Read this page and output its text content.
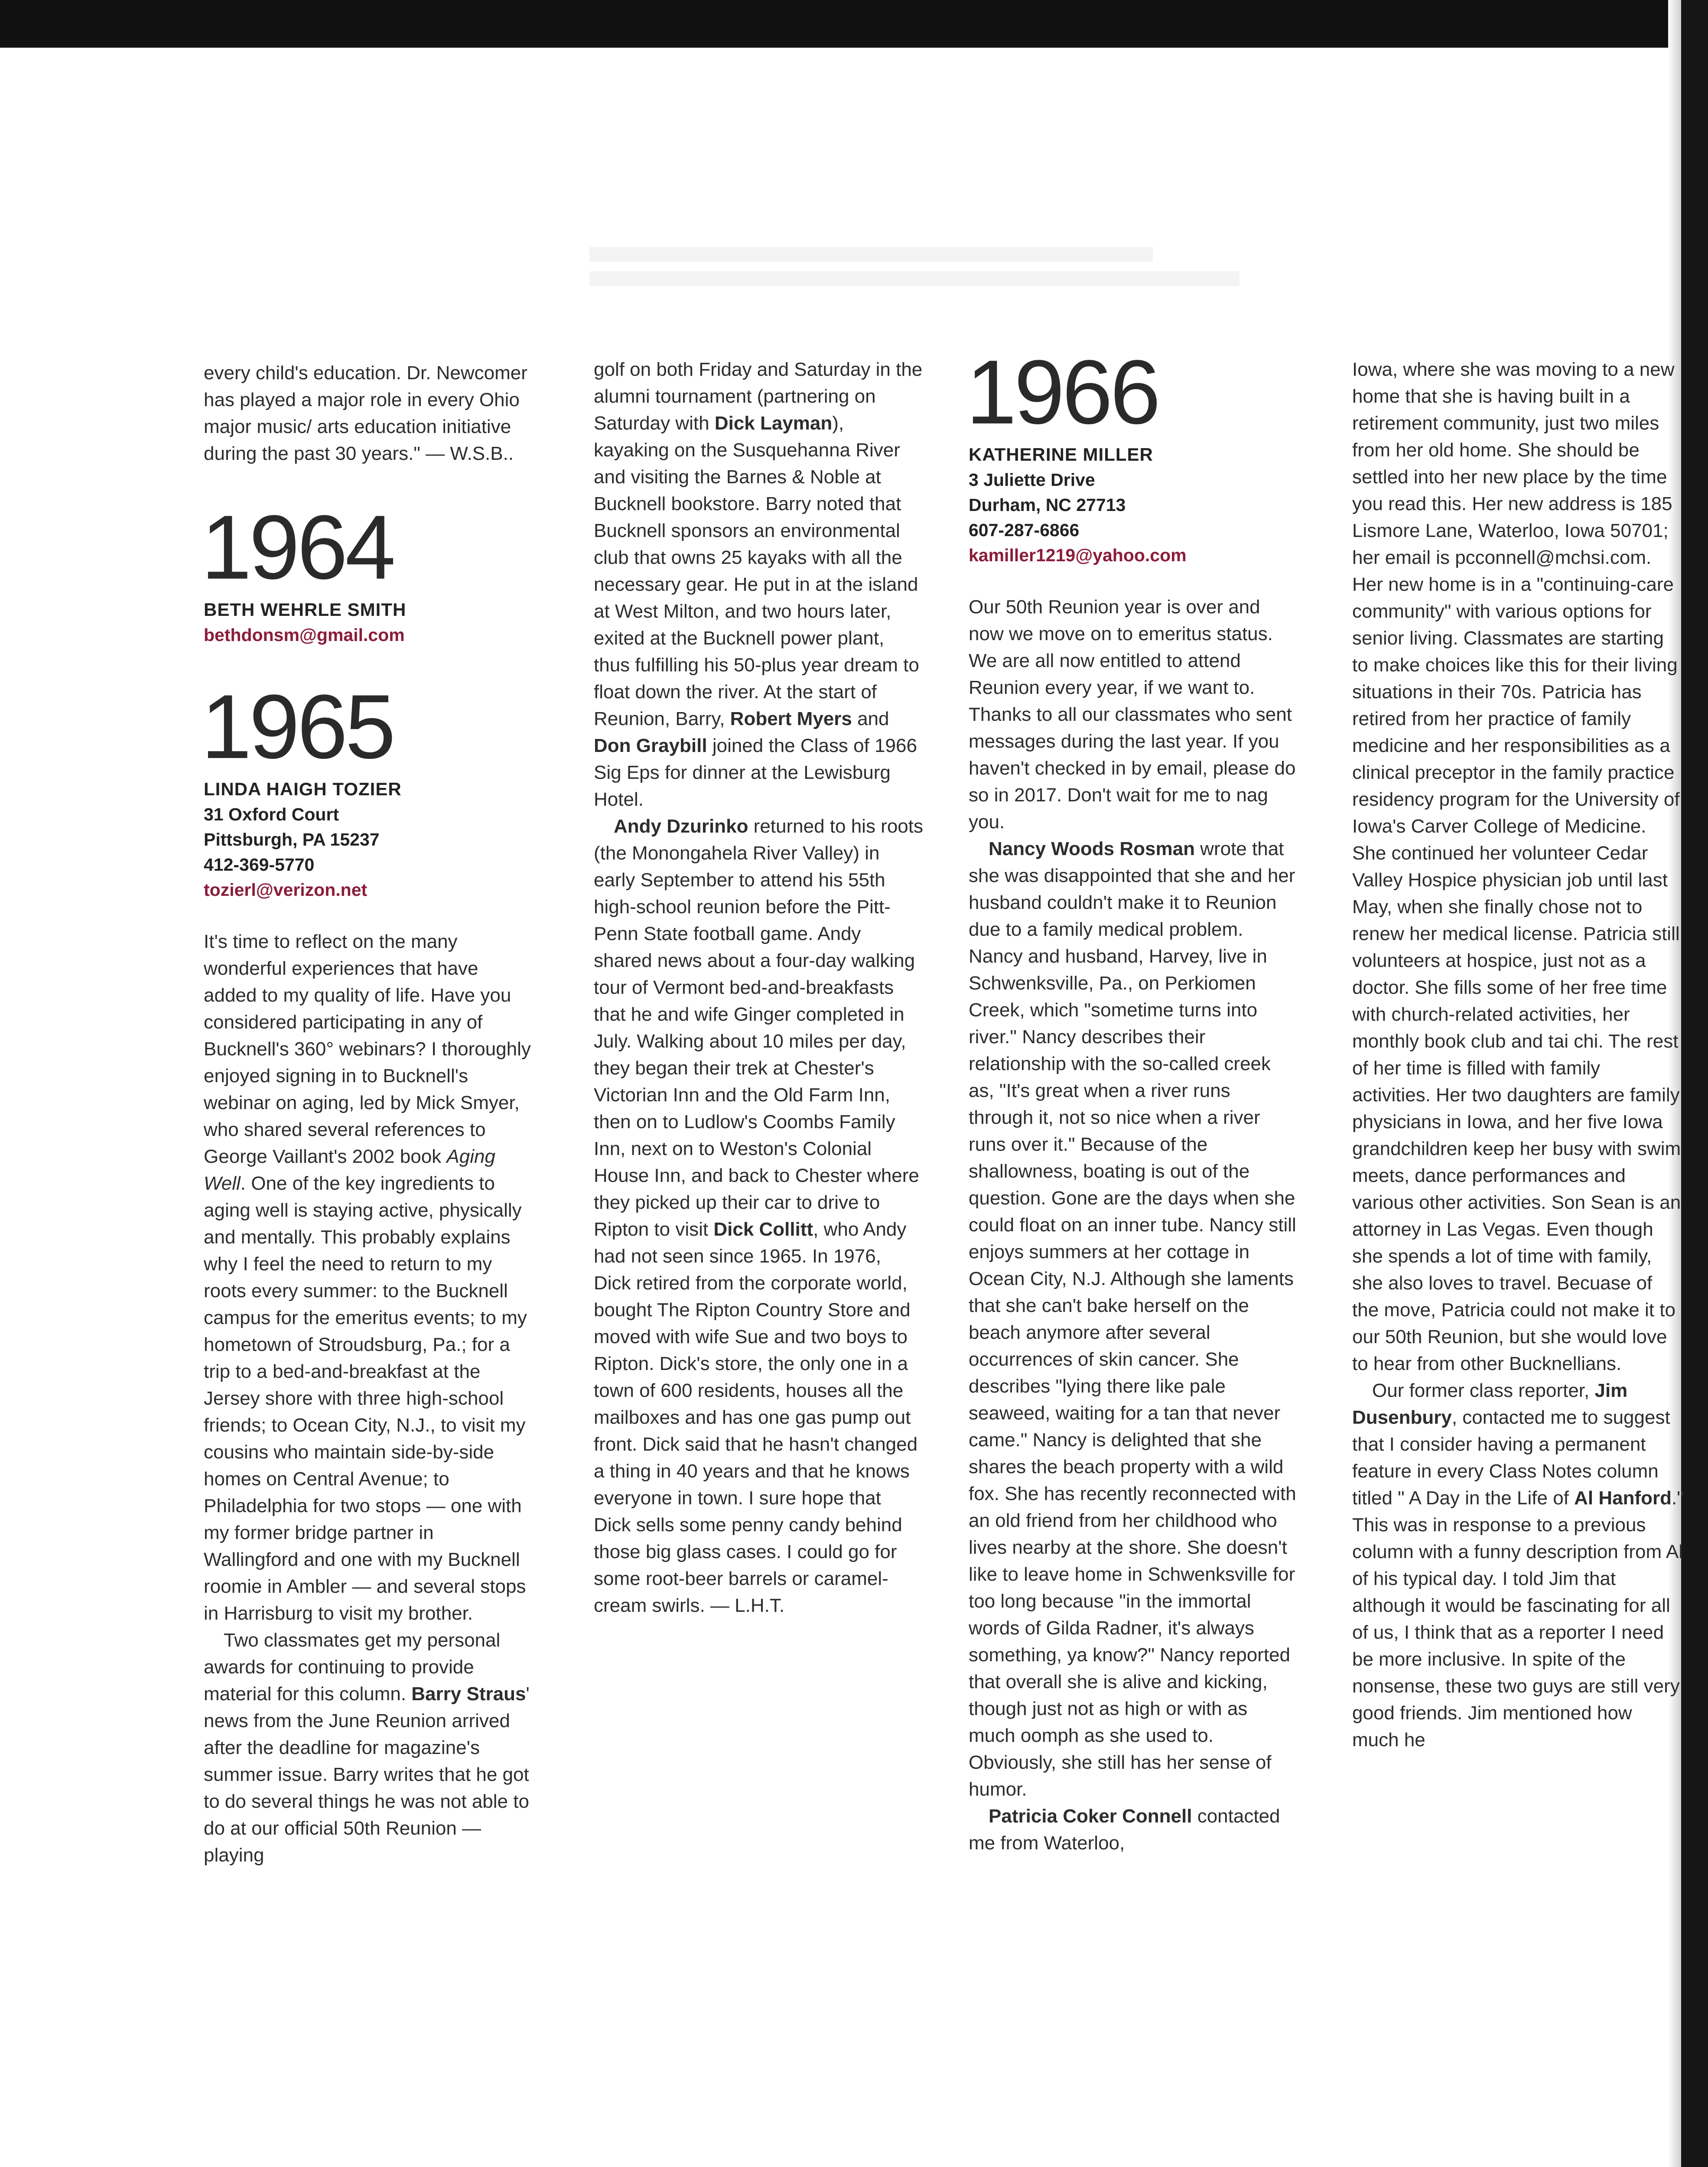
every child's education. Dr. Newcomer has played a major role in every Ohio major music/ arts education initiative during the past 30 years." — W.S.B..

1964
BETH WEHRLE SMITH
bethdonsm@gmail.com
1965
LINDA HAIGH TOZIER
31 Oxford Court
Pittsburgh, PA 15237
412-369-5770
tozierl@verizon.net

It's time to reflect on the many wonderful experiences that have added to my quality of life. Have you considered participating in any of Bucknell's 360° webinars? I thoroughly enjoyed signing in to Bucknell's webinar on aging, led by Mick Smyer, who shared several references to George Vaillant's 2002 book Aging Well. One of the key ingredients to aging well is staying active, physically and mentally. This probably explains why I feel the need to return to my roots every summer: to the Bucknell campus for the emeritus events; to my hometown of Stroudsburg, Pa.; for a trip to a bed-and-breakfast at the Jersey shore with three high-school friends; to Ocean City, N.J., to visit my cousins who maintain side-by-side homes on Central Avenue; to Philadelphia for two stops — one with my former bridge partner in Wallingford and one with my Bucknell roomie in Ambler — and several stops in Harrisburg to visit my brother.

Two classmates get my personal awards for continuing to provide material for this column. Barry Straus' news from the June Reunion arrived after the deadline for magazine's summer issue. Barry writes that he got to do several things he was not able to do at our official 50th Reunion — playing

golf on both Friday and Saturday in the alumni tournament (partnering on Saturday with Dick Layman), kayaking on the Susquehanna River and visiting the Barnes & Noble at Bucknell bookstore. Barry noted that Bucknell sponsors an environmental club that owns 25 kayaks with all the necessary gear. He put in at the island at West Milton, and two hours later, exited at the Bucknell power plant, thus fulfilling his 50-plus year dream to float down the river. At the start of Reunion, Barry, Robert Myers and Don Graybill joined the Class of 1966 Sig Eps for dinner at the Lewisburg Hotel.

Andy Dzurinko returned to his roots (the Monongahela River Valley) in early September to attend his 55th high-school reunion before the Pitt-Penn State football game. Andy shared news about a four-day walking tour of Vermont bed-and-breakfasts that he and wife Ginger completed in July. Walking about 10 miles per day, they began their trek at Chester's Victorian Inn and the Old Farm Inn, then on to Ludlow's Coombs Family Inn, next on to Weston's Colonial House Inn, and back to Chester where they picked up their car to drive to Ripton to visit Dick Collitt, who Andy had not seen since 1965. In 1976, Dick retired from the corporate world, bought The Ripton Country Store and moved with wife Sue and two boys to Ripton. Dick's store, the only one in a town of 600 residents, houses all the mailboxes and has one gas pump out front. Dick said that he hasn't changed a thing in 40 years and that he knows everyone in town. I sure hope that Dick sells some penny candy behind those big glass cases. I could go for some root-beer barrels or caramel-cream swirls. — L.H.T.

1966
KATHERINE MILLER
3 Juliette Drive
Durham, NC 27713
607-287-6866
kamiller1219@yahoo.com

Our 50th Reunion year is over and now we move on to emeritus status. We are all now entitled to attend Reunion every year, if we want to. Thanks to all our classmates who sent messages during the last year. If you haven't checked in by email, please do so in 2017. Don't wait for me to nag you.

Nancy Woods Rosman wrote that she was disappointed that she and her husband couldn't make it to Reunion due to a family medical problem. Nancy and husband, Harvey, live in Schwenksville, Pa., on Perkiomen Creek, which "sometime turns into river." Nancy describes their relationship with the so-called creek as, "It's great when a river runs through it, not so nice when a river runs over it." Because of the shallowness, boating is out of the question. Gone are the days when she could float on an inner tube. Nancy still enjoys summers at her cottage in Ocean City, N.J. Although she laments that she can't bake herself on the beach anymore after several occurrences of skin cancer. She describes "lying there like pale seaweed, waiting for a tan that never came." Nancy is delighted that she shares the beach property with a wild fox. She has recently reconnected with an old friend from her childhood who lives nearby at the shore. She doesn't like to leave home in Schwenksville for too long because "in the immortal words of Gilda Radner, it's always something, ya know?" Nancy reported that overall she is alive and kicking, though just not as high or with as much oomph as she used to. Obviously, she still has her sense of humor.

Patricia Coker Connell contacted me from Waterloo,

Iowa, where she was moving to a new home that she is having built in a retirement community, just two miles from her old home. She should be settled into her new place by the time you read this. Her new address is 185 Lismore Lane, Waterloo, Iowa 50701; her email is pcconnell@mchsi.com. Her new home is in a "continuing-care community" with various options for senior living. Classmates are starting to make choices like this for their living situations in their 70s. Patricia has retired from her practice of family medicine and her responsibilities as a clinical preceptor in the family practice residency program for the University of Iowa's Carver College of Medicine. She continued her volunteer Cedar Valley Hospice physician job until last May, when she finally chose not to renew her medical license. Patricia still volunteers at hospice, just not as a doctor. She fills some of her free time with church-related activities, her monthly book club and tai chi. The rest of her time is filled with family activities. Her two daughters are family physicians in Iowa, and her five Iowa grandchildren keep her busy with swim meets, dance performances and various other activities. Son Sean is an attorney in Las Vegas. Even though she spends a lot of time with family, she also loves to travel. Becuase of the move, Patricia could not make it to our 50th Reunion, but she would love to hear from other Bucknellians.

Our former class reporter, Jim Dusenbury, contacted me to suggest that I consider having a permanent feature in every Class Notes column titled " A Day in the Life of Al Hanford." This was in response to a previous column with a funny description from Al of his typical day. I told Jim that although it would be fascinating for all of us, I think that as a reporter I need be more inclusive. In spite of the nonsense, these two guys are still very good friends. Jim mentioned how much he
